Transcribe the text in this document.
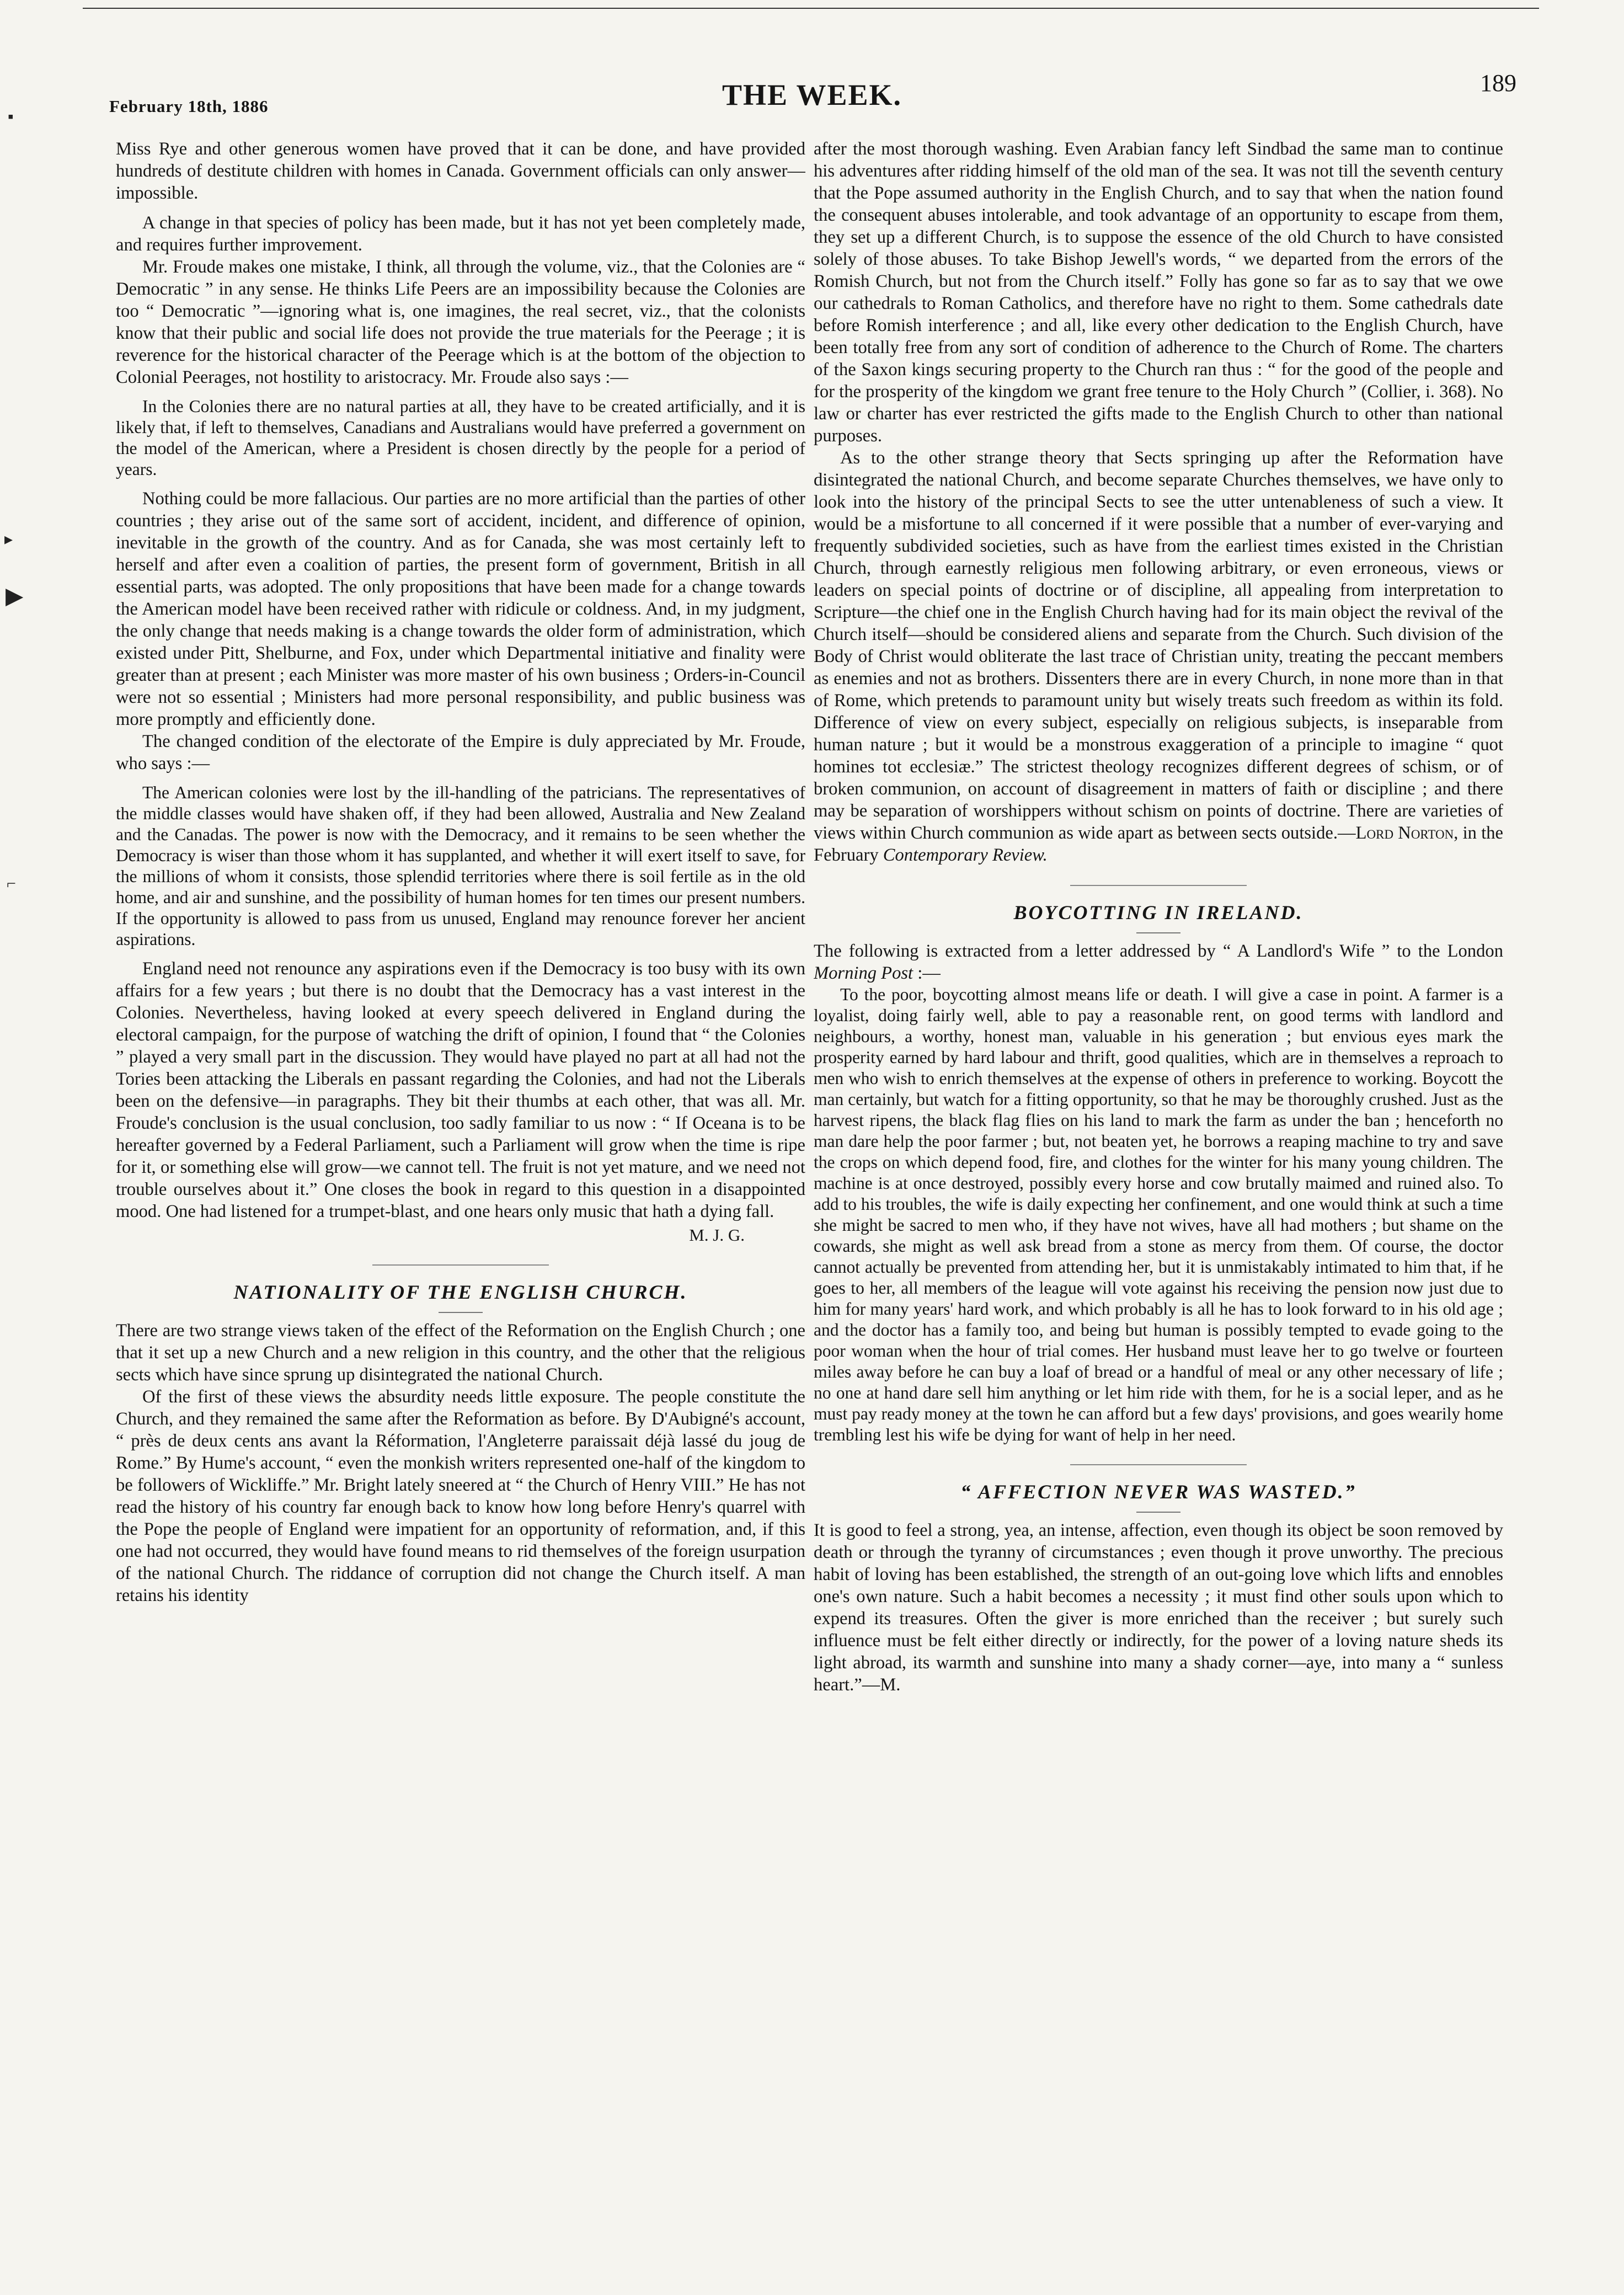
February 18th, 1886	THE WEEK.	189
▪
▸
▶
⌐

Miss Rye and other generous women have proved that it can be done, and have provided hundreds of destitute children with homes in Canada. Government officials can only answer—impossible.

A change in that species of policy has been made, but it has not yet been completely made, and requires further improvement.

Mr. Froude makes one mistake, I think, all through the volume, viz., that the Colonies are “ Democratic ” in any sense. He thinks Life Peers are an impossibility because the Colonies are too “ Democratic ”—ignoring what is, one imagines, the real secret, viz., that the colonists know that their public and social life does not provide the true materials for the Peerage ; it is reverence for the historical character of the Peerage which is at the bottom of the objection to Colonial Peerages, not hostility to aristocracy. Mr. Froude also says :—

In the Colonies there are no natural parties at all, they have to be created artificially, and it is likely that, if left to themselves, Canadians and Australians would have preferred a government on the model of the American, where a President is chosen directly by the people for a period of years.

Nothing could be more fallacious. Our parties are no more artificial than the parties of other countries ; they arise out of the same sort of accident, incident, and difference of opinion, inevitable in the growth of the country. And as for Canada, she was most certainly left to herself and after even a coalition of parties, the present form of government, British in all essential parts, was adopted. The only propositions that have been made for a change towards the American model have been received rather with ridicule or coldness. And, in my judgment, the only change that needs making is a change towards the older form of administration, which existed under Pitt, Shelburne, and Fox, under which Departmental initiative and finality were greater than at present ; each Minister was more master of his own business ; Orders-in-Council were not so essential ; Ministers had more personal responsibility, and public business was more promptly and efficiently done.

The changed condition of the electorate of the Empire is duly appreciated by Mr. Froude, who says :—

The American colonies were lost by the ill-handling of the patricians. The representatives of the middle classes would have shaken off, if they had been allowed, Australia and New Zealand and the Canadas. The power is now with the Democracy, and it remains to be seen whether the Democracy is wiser than those whom it has supplanted, and whether it will exert itself to save, for the millions of whom it consists, those splendid territories where there is soil fertile as in the old home, and air and sunshine, and the possibility of human homes for ten times our present numbers. If the opportunity is allowed to pass from us unused, England may renounce forever her ancient aspirations.

England need not renounce any aspirations even if the Democracy is too busy with its own affairs for a few years ; but there is no doubt that the Democracy has a vast interest in the Colonies. Nevertheless, having looked at every speech delivered in England during the electoral campaign, for the purpose of watching the drift of opinion, I found that “ the Colonies ” played a very small part in the discussion. They would have played no part at all had not the Tories been attacking the Liberals en passant regarding the Colonies, and had not the Liberals been on the defensive—in paragraphs. They bit their thumbs at each other, that was all. Mr. Froude's conclusion is the usual conclusion, too sadly familiar to us now : “ If Oceana is to be hereafter governed by a Federal Parliament, such a Parliament will grow when the time is ripe for it, or something else will grow—we cannot tell. The fruit is not yet mature, and we need not trouble ourselves about it.” One closes the book in regard to this question in a disappointed mood. One had listened for a trumpet-blast, and one hears only music that hath a dying fall.

M. J. G.

NATIONALITY OF THE ENGLISH CHURCH.

There are two strange views taken of the effect of the Reformation on the English Church ; one that it set up a new Church and a new religion in this country, and the other that the religious sects which have since sprung up disintegrated the national Church.

Of the first of these views the absurdity needs little exposure. The people constitute the Church, and they remained the same after the Reformation as before. By D'Aubigné's account, “ près de deux cents ans avant la Réformation, l'Angleterre paraissait déjà lassé du joug de Rome.” By Hume's account, “ even the monkish writers represented one-half of the kingdom to be followers of Wickliffe.” Mr. Bright lately sneered at “ the Church of Henry VIII.” He has not read the history of his country far enough back to know how long before Henry's quarrel with the Pope the people of England were impatient for an opportunity of reformation, and, if this one had not occurred, they would have found means to rid themselves of the foreign usurpation of the national Church. The riddance of corruption did not change the Church itself. A man retains his identity

after the most thorough washing. Even Arabian fancy left Sindbad the same man to continue his adventures after ridding himself of the old man of the sea. It was not till the seventh century that the Pope assumed authority in the English Church, and to say that when the nation found the consequent abuses intolerable, and took advantage of an opportunity to escape from them, they set up a different Church, is to suppose the essence of the old Church to have consisted solely of those abuses. To take Bishop Jewell's words, “ we departed from the errors of the Romish Church, but not from the Church itself.” Folly has gone so far as to say that we owe our cathedrals to Roman Catholics, and therefore have no right to them. Some cathedrals date before Romish interference ; and all, like every other dedication to the English Church, have been totally free from any sort of condition of adherence to the Church of Rome. The charters of the Saxon kings securing property to the Church ran thus : “ for the good of the people and for the prosperity of the kingdom we grant free tenure to the Holy Church ” (Collier, i. 368). No law or charter has ever restricted the gifts made to the English Church to other than national purposes.

As to the other strange theory that Sects springing up after the Reformation have disintegrated the national Church, and become separate Churches themselves, we have only to look into the history of the principal Sects to see the utter untenableness of such a view. It would be a misfortune to all concerned if it were possible that a number of ever-varying and frequently subdivided societies, such as have from the earliest times existed in the Christian Church, through earnestly religious men following arbitrary, or even erroneous, views or leaders on special points of doctrine or of discipline, all appealing from interpretation to Scripture—the chief one in the English Church having had for its main object the revival of the Church itself—should be considered aliens and separate from the Church. Such division of the Body of Christ would obliterate the last trace of Christian unity, treating the peccant members as enemies and not as brothers. Dissenters there are in every Church, in none more than in that of Rome, which pretends to paramount unity but wisely treats such freedom as within its fold. Difference of view on every subject, especially on religious subjects, is inseparable from human nature ; but it would be a monstrous exaggeration of a principle to imagine “ quot homines tot ecclesiæ.” The strictest theology recognizes different degrees of schism, or of broken communion, on account of disagreement in matters of faith or discipline ; and there may be separation of worshippers without schism on points of doctrine. There are varieties of views within Church communion as wide apart as between sects outside.—Lord Norton, in the February Contemporary Review.

BOYCOTTING IN IRELAND.

The following is extracted from a letter addressed by “ A Landlord's Wife ” to the London Morning Post :—

To the poor, boycotting almost means life or death. I will give a case in point. A farmer is a loyalist, doing fairly well, able to pay a reasonable rent, on good terms with landlord and neighbours, a worthy, honest man, valuable in his generation ; but envious eyes mark the prosperity earned by hard labour and thrift, good qualities, which are in themselves a reproach to men who wish to enrich themselves at the expense of others in preference to working. Boycott the man certainly, but watch for a fitting opportunity, so that he may be thoroughly crushed. Just as the harvest ripens, the black flag flies on his land to mark the farm as under the ban ; henceforth no man dare help the poor farmer ; but, not beaten yet, he borrows a reaping machine to try and save the crops on which depend food, fire, and clothes for the winter for his many young children. The machine is at once destroyed, possibly every horse and cow brutally maimed and ruined also. To add to his troubles, the wife is daily expecting her confinement, and one would think at such a time she might be sacred to men who, if they have not wives, have all had mothers ; but shame on the cowards, she might as well ask bread from a stone as mercy from them. Of course, the doctor cannot actually be prevented from attending her, but it is unmistakably intimated to him that, if he goes to her, all members of the league will vote against his receiving the pension now just due to him for many years' hard work, and which probably is all he has to look forward to in his old age ; and the doctor has a family too, and being but human is possibly tempted to evade going to the poor woman when the hour of trial comes. Her husband must leave her to go twelve or fourteen miles away before he can buy a loaf of bread or a handful of meal or any other necessary of life ; no one at hand dare sell him anything or let him ride with them, for he is a social leper, and as he must pay ready money at the town he can afford but a few days' provisions, and goes wearily home trembling lest his wife be dying for want of help in her need.

“ AFFECTION NEVER WAS WASTED.”

It is good to feel a strong, yea, an intense, affection, even though its object be soon removed by death or through the tyranny of circumstances ; even though it prove unworthy. The precious habit of loving has been established, the strength of an out-going love which lifts and ennobles one's own nature. Such a habit becomes a necessity ; it must find other souls upon which to expend its treasures. Often the giver is more enriched than the receiver ; but surely such influence must be felt either directly or indirectly, for the power of a loving nature sheds its light abroad, its warmth and sunshine into many a shady corner—aye, into many a “ sunless heart.”—M.
